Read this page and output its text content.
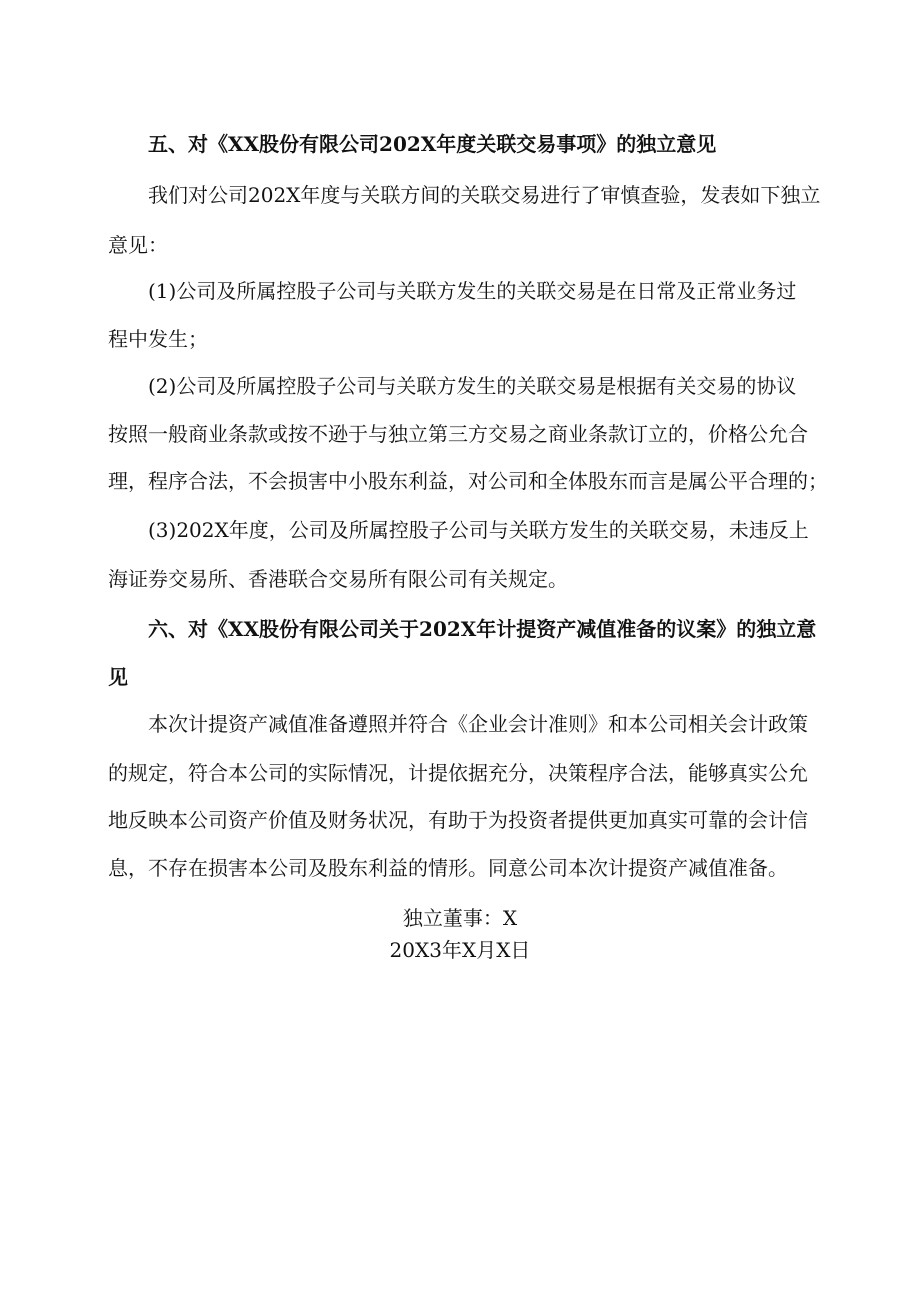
五、对《XX股份有限公司202X年度关联交易事项》的独立意见
我们对公司202X年度与关联方间的关联交易进行了审慎查验，发表如下独立
意见：
(1)公司及所属控股子公司与关联方发生的关联交易是在日常及正常业务过
程中发生；
(2)公司及所属控股子公司与关联方发生的关联交易是根据有关交易的协议
按照一般商业条款或按不逊于与独立第三方交易之商业条款订立的，价格公允合
理，程序合法，不会损害中小股东利益，对公司和全体股东而言是属公平合理的；
(3)202X年度，公司及所属控股子公司与关联方发生的关联交易，未违反上
海证券交易所、香港联合交易所有限公司有关规定。
六、对《XX股份有限公司关于202X年计提资产减值准备的议案》的独立意
见
本次计提资产减值准备遵照并符合《企业会计准则》和本公司相关会计政策
的规定，符合本公司的实际情况，计提依据充分，决策程序合法，能够真实公允
地反映本公司资产价值及财务状况，有助于为投资者提供更加真实可靠的会计信
息，不存在损害本公司及股东利益的情形。同意公司本次计提资产减值准备。
独立董事：X
20X3年X月X日
